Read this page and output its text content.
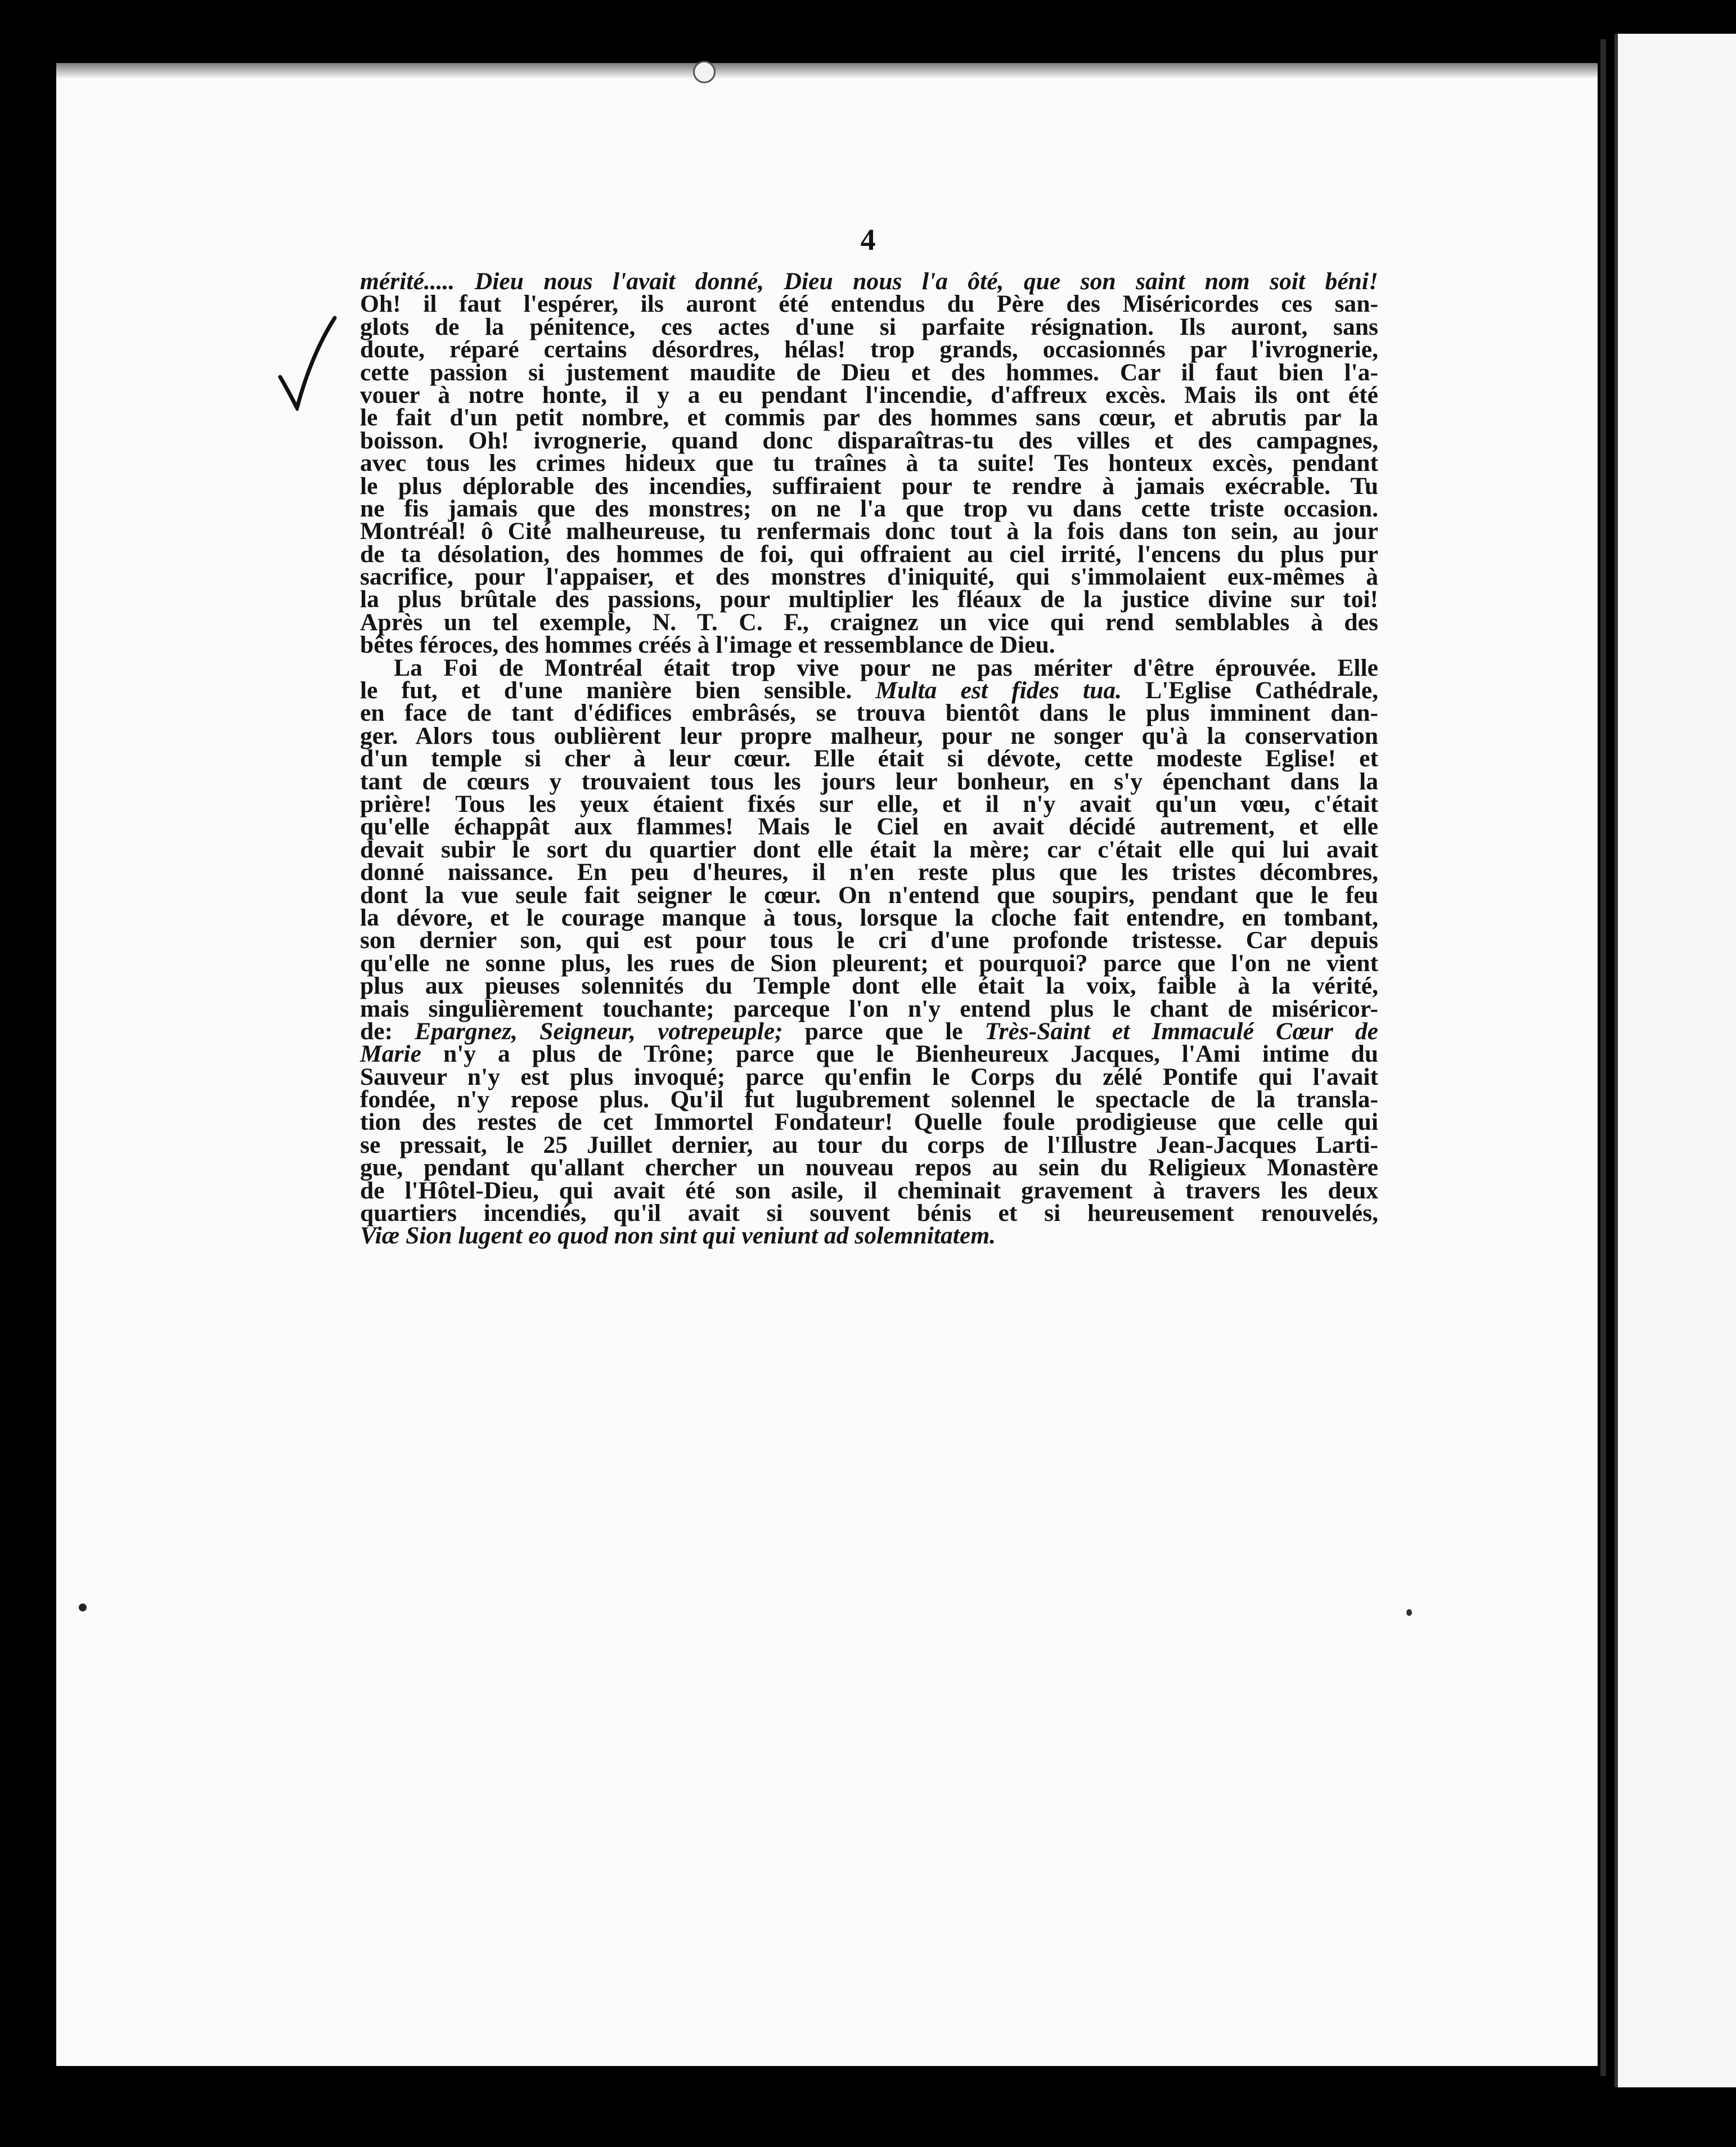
4
mérité..... Dieu nous l'avait donné, Dieu nous l'a ôté, que son saint nom soit béni!
Oh! il faut l'espérer, ils auront été entendus du Père des Miséricordes ces san-
glots de la pénitence, ces actes d'une si parfaite résignation. Ils auront, sans
doute, réparé certains désordres, hélas! trop grands, occasionnés par l'ivrognerie,
cette passion si justement maudite de Dieu et des hommes. Car il faut bien l'a-
vouer à notre honte, il y a eu pendant l'incendie, d'affreux excès. Mais ils ont été
le fait d'un petit nombre, et commis par des hommes sans cœur, et abrutis par la
boisson. Oh! ivrognerie, quand donc disparaîtras-tu des villes et des campagnes,
avec tous les crimes hideux que tu traînes à ta suite! Tes honteux excès, pendant
le plus déplorable des incendies, suffiraient pour te rendre à jamais exécrable. Tu
ne fis jamais que des monstres; on ne l'a que trop vu dans cette triste occasion.
Montréal! ô Cité malheureuse, tu renfermais donc tout à la fois dans ton sein, au jour
de ta désolation, des hommes de foi, qui offraient au ciel irrité, l'encens du plus pur
sacrifice, pour l'appaiser, et des monstres d'iniquité, qui s'immolaient eux-mêmes à
la plus brûtale des passions, pour multiplier les fléaux de la justice divine sur toi!
Après un tel exemple, N. T. C. F., craignez un vice qui rend semblables à des
bêtes féroces, des hommes créés à l'image et ressemblance de Dieu.
La Foi de Montréal était trop vive pour ne pas mériter d'être éprouvée. Elle
le fut, et d'une manière bien sensible. Multa est fides tua. L'Eglise Cathédrale,
en face de tant d'édifices embrâsés, se trouva bientôt dans le plus imminent dan-
ger. Alors tous oublièrent leur propre malheur, pour ne songer qu'à la conservation
d'un temple si cher à leur cœur. Elle était si dévote, cette modeste Eglise! et
tant de cœurs y trouvaient tous les jours leur bonheur, en s'y épenchant dans la
prière! Tous les yeux étaient fixés sur elle, et il n'y avait qu'un vœu, c'était
qu'elle échappât aux flammes! Mais le Ciel en avait décidé autrement, et elle
devait subir le sort du quartier dont elle était la mère; car c'était elle qui lui avait
donné naissance. En peu d'heures, il n'en reste plus que les tristes décombres,
dont la vue seule fait seigner le cœur. On n'entend que soupirs, pendant que le feu
la dévore, et le courage manque à tous, lorsque la cloche fait entendre, en tombant,
son dernier son, qui est pour tous le cri d'une profonde tristesse. Car depuis
qu'elle ne sonne plus, les rues de Sion pleurent; et pourquoi? parce que l'on ne vient
plus aux pieuses solennités du Temple dont elle était la voix, faible à la vérité,
mais singulièrement touchante; parceque l'on n'y entend plus le chant de miséricor-
de: Epargnez, Seigneur, votrepeuple; parce que le Très-Saint et Immaculé Cœur de
Marie n'y a plus de Trône; parce que le Bienheureux Jacques, l'Ami intime du
Sauveur n'y est plus invoqué; parce qu'enfin le Corps du zélé Pontife qui l'avait
fondée, n'y repose plus. Qu'il fut lugubrement solennel le spectacle de la transla-
tion des restes de cet Immortel Fondateur! Quelle foule prodigieuse que celle qui
se pressait, le 25 Juillet dernier, au tour du corps de l'Illustre Jean-Jacques Larti-
gue, pendant qu'allant chercher un nouveau repos au sein du Religieux Monastère
de l'Hôtel-Dieu, qui avait été son asile, il cheminait gravement à travers les deux
quartiers incendiés, qu'il avait si souvent bénis et si heureusement renouvelés,
Viæ Sion lugent eo quod non sint qui veniunt ad solemnitatem.
